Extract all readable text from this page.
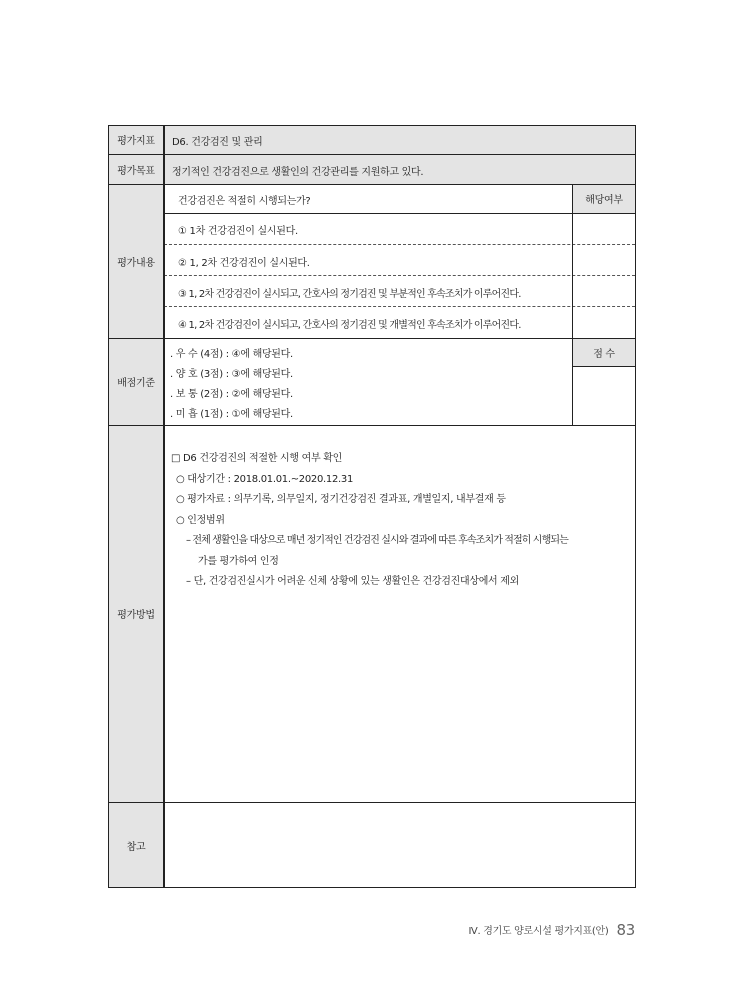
평가지표
평가목표
평가내용
배점기준
평가방법
참고
D6. 건강검진 및 관리
정기적인 건강검진으로 생활인의 건강관리를 지원하고 있다.
건강검진은 적절히 시행되는가?	해당여부
① 1차 건강검진이 실시된다.
② 1, 2차 건강검진이 실시된다.
③ 1, 2차 건강검진이 실시되고, 간호사의 정기검진 및 부분적인 후속조치가 이루어진다.
④ 1, 2차 건강검진이 실시되고, 간호사의 정기검진 및 개별적인 후속조치가 이루어진다.
. 우 수 (4점) : ④에 해당된다.
. 양 호 (3점) : ③에 해당된다.
. 보 통 (2점) : ②에 해당된다.
. 미 흡 (1점) : ①에 해당된다.
점 수
□ D6 건강검진의 적절한 시행 여부 확인
○ 대상기간 : 2018.01.01.~2020.12.31
○ 평가자료 : 의무기록, 의무일지, 정기건강검진 결과표, 개별일지, 내부결재 등
○ 인정범위
– 전체 생활인을 대상으로 매년 정기적인 건강검진 실시와 결과에 따른 후속조치가 적절히 시행되는
가를 평가하여 인정
– 단, 건강검진실시가 어려운 신체 상황에 있는 생활인은 건강검진대상에서 제외
Ⅳ. 경기도 양로시설 평가지표(안) 83
